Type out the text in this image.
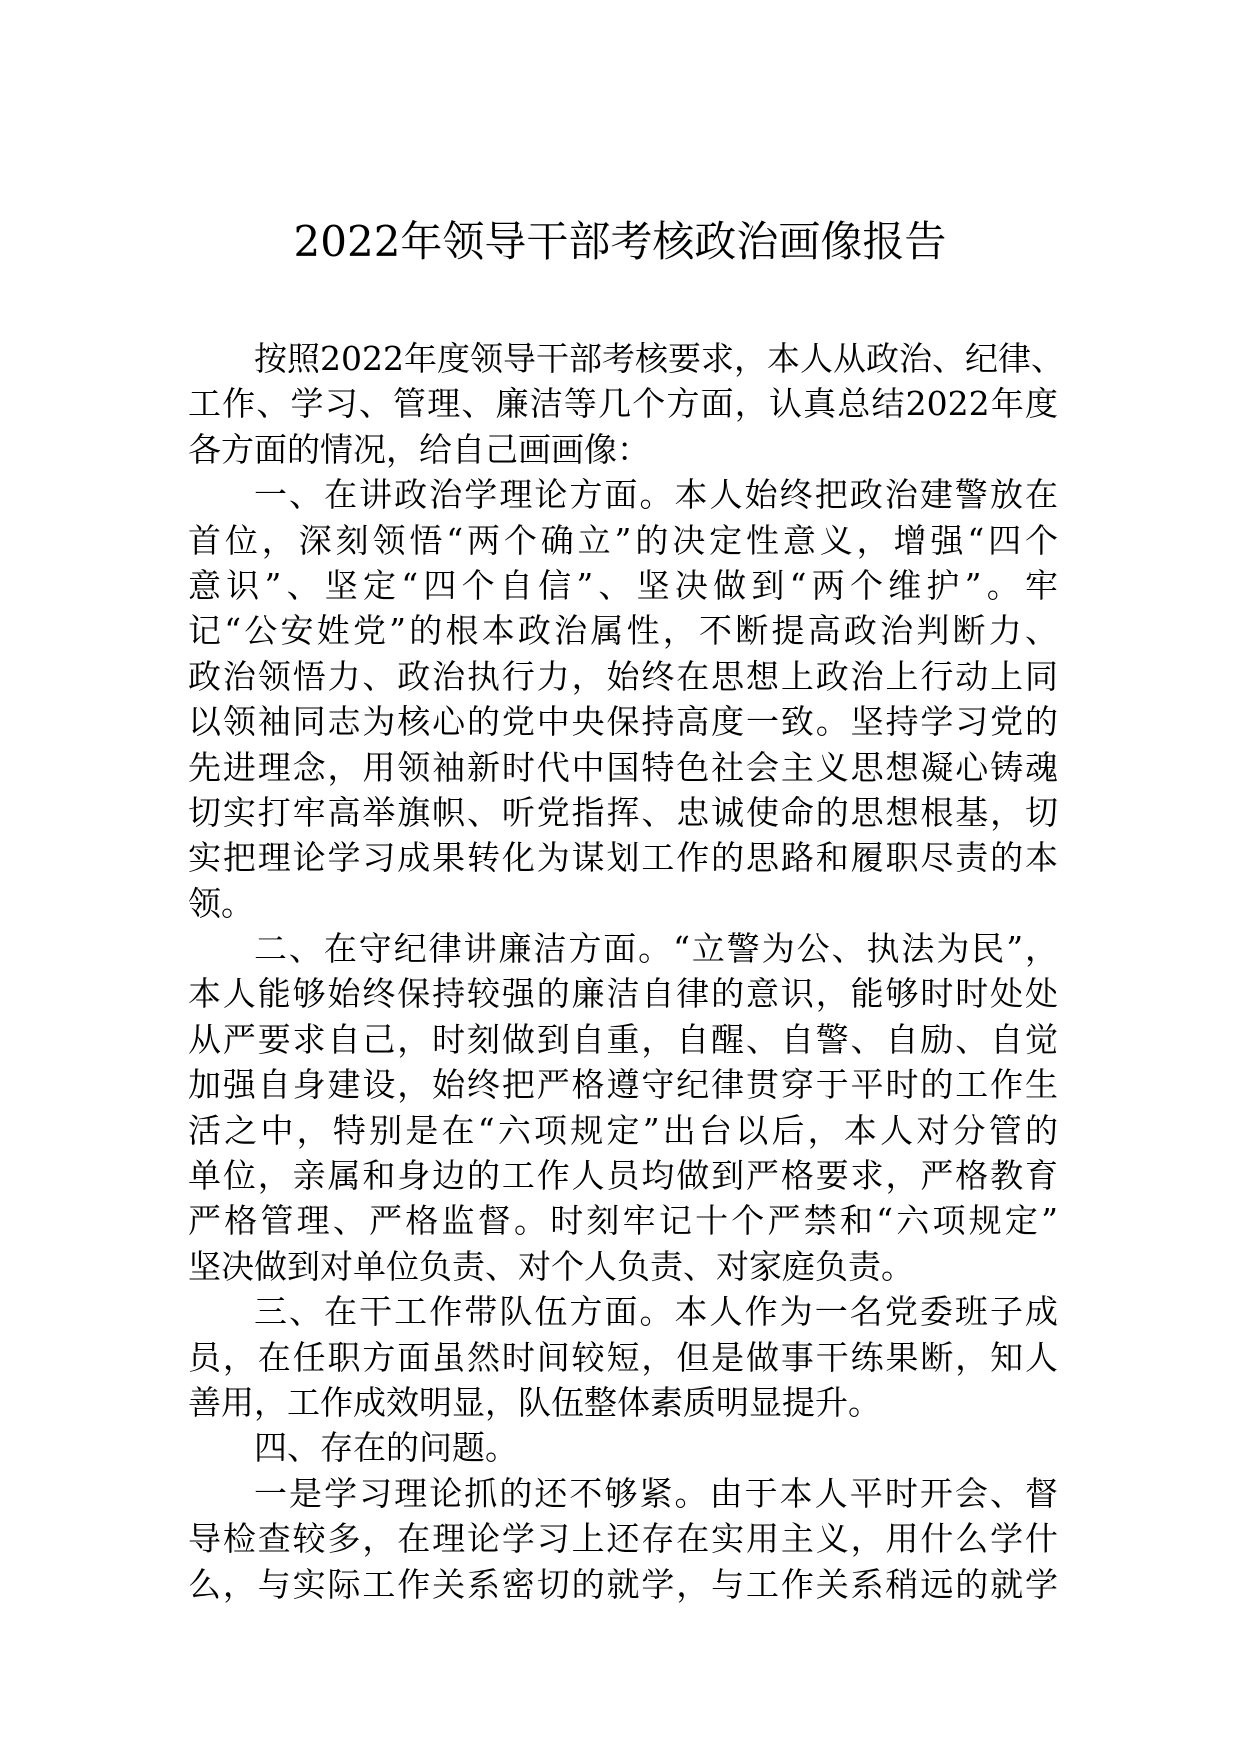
2022年领导干部考核政治画像报告
按照2022年度领导干部考核要求，本人从政治、纪律、
工作、学习、管理、廉洁等几个方面，认真总结2022年度
各方面的情况，给自己画画像：
一、在讲政治学理论方面。本人始终把政治建警放在
首位，深刻领悟“两个确立”的决定性意义，增强“四个
意识”、坚定“四个自信”、坚决做到“两个维护”。牢
记“公安姓党”的根本政治属性，不断提高政治判断力、
政治领悟力、政治执行力，始终在思想上政治上行动上同
以领袖同志为核心的党中央保持高度一致。坚持学习党的
先进理念，用领袖新时代中国特色社会主义思想凝心铸魂
切实打牢高举旗帜、听党指挥、忠诚使命的思想根基，切
实把理论学习成果转化为谋划工作的思路和履职尽责的本
领。
二、在守纪律讲廉洁方面。“立警为公、执法为民”，
本人能够始终保持较强的廉洁自律的意识，能够时时处处
从严要求自己，时刻做到自重，自醒、自警、自励、自觉
加强自身建设，始终把严格遵守纪律贯穿于平时的工作生
活之中，特别是在“六项规定”出台以后，本人对分管的
单位，亲属和身边的工作人员均做到严格要求，严格教育
严格管理、严格监督。时刻牢记十个严禁和“六项规定”
坚决做到对单位负责、对个人负责、对家庭负责。
三、在干工作带队伍方面。本人作为一名党委班子成
员，在任职方面虽然时间较短，但是做事干练果断，知人
善用，工作成效明显，队伍整体素质明显提升。
四、存在的问题。
一是学习理论抓的还不够紧。由于本人平时开会、督
导检查较多，在理论学习上还存在实用主义，用什么学什
么，与实际工作关系密切的就学，与工作关系稍远的就学
